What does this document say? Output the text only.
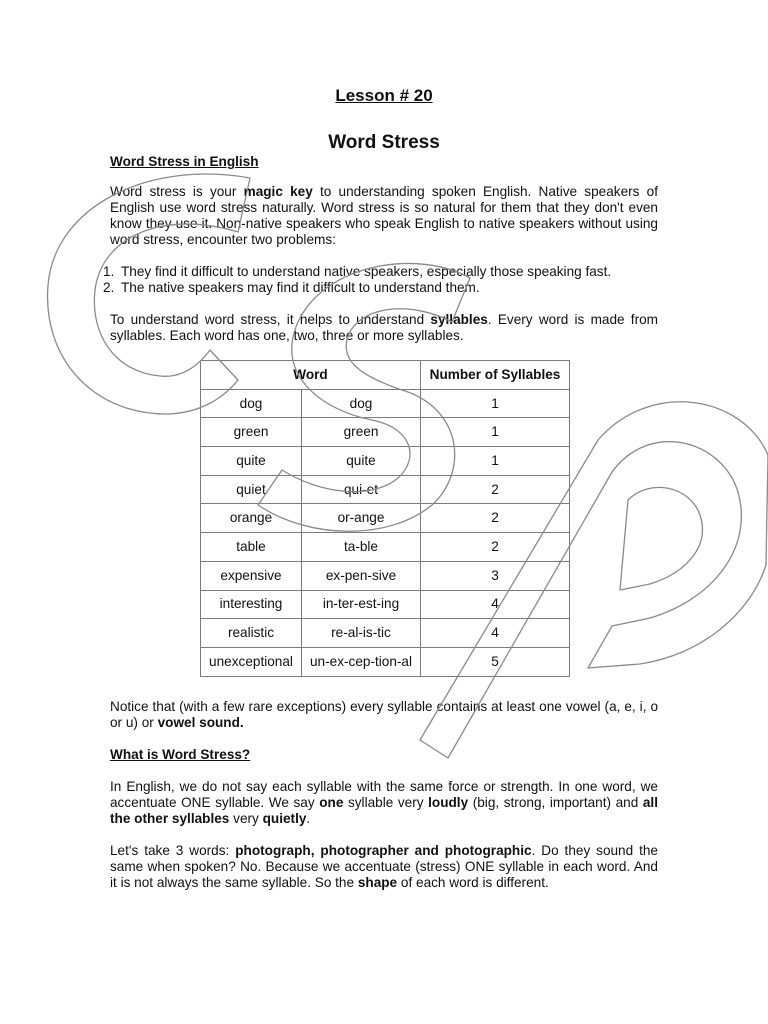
Lesson # 20
Word Stress

Word Stress in English

Word stress is your magic key to understanding spoken English. Native speakers of English use word stress naturally. Word stress is so natural for them that they don't even know they use it. Non-native speakers who speak English to native speakers without using word stress, encounter two problems:

1. They find it difficult to understand native speakers, especially those speaking fast.
2. The native speakers may find it difficult to understand them.

To understand word stress, it helps to understand syllables. Every word is made from syllables. Each word has one, two, three or more syllables.

Word		Number of Syllables
dog	dog	1
green	green	1
quite	quite	1
quiet	qui-et	2
orange	or-ange	2
table	ta-ble	2
expensive	ex-pen-sive	3
interesting	in-ter-est-ing	4
realistic	re-al-is-tic	4
unexceptional	un-ex-cep-tion-al	5

Notice that (with a few rare exceptions) every syllable contains at least one vowel (a, e, i, o or u) or vowel sound.

What is Word Stress?

In English, we do not say each syllable with the same force or strength. In one word, we accentuate ONE syllable. We say one syllable very loudly (big, strong, important) and all the other syllables very quietly.

Let's take 3 words: photograph, photographer and photographic. Do they sound the same when spoken? No. Because we accentuate (stress) ONE syllable in each word. And it is not always the same syllable. So the shape of each word is different.
